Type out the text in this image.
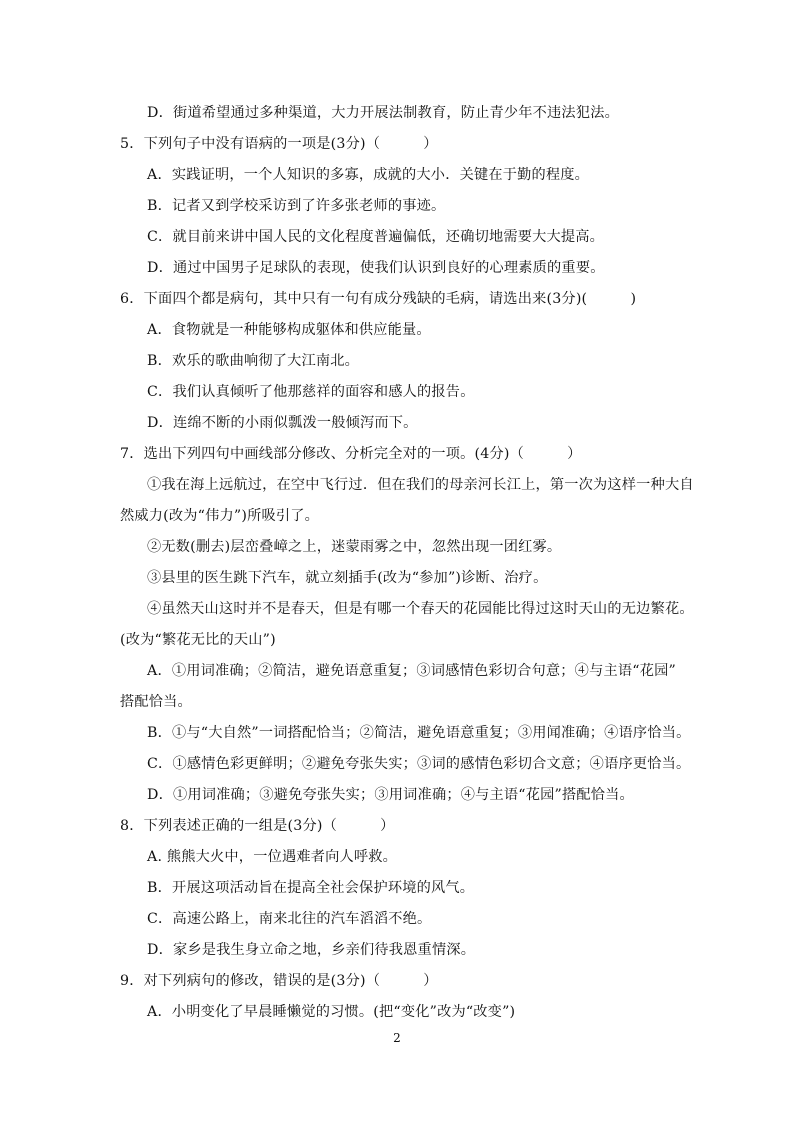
D．街道希望通过多种渠道，大力开展法制教育，防止青少年不违法犯法。
5．下列句子中没有语病的一项是(3分)（　　　）
A．实践证明，一个人知识的多寡，成就的大小．关键在于勤的程度。
B．记者又到学校采访到了许多张老师的事迹。
C．就目前来讲中国人民的文化程度普遍偏低，还确切地需要大大提高。
D．通过中国男子足球队的表现，使我们认识到良好的心理素质的重要。
6．下面四个都是病句，其中只有一句有成分残缺的毛病，请选出来(3分)(　　　)
A．食物就是一种能够构成躯体和供应能量。
B．欢乐的歌曲响彻了大江南北。
C．我们认真倾听了他那慈祥的面容和感人的报告。
D．连绵不断的小雨似瓢泼一般倾泻而下。
7．选出下列四句中画线部分修改、分析完全对的一项。(4分)（　　　）
①我在海上远航过，在空中飞行过．但在我们的母亲河长江上，第一次为这样一种大自
然威力(改为“伟力”)所吸引了。
②无数(删去)层峦叠嶂之上，迷蒙雨雾之中，忽然出现一团红雾。
③县里的医生跳下汽车，就立刻插手(改为“参加”)诊断、治疗。
④虽然天山这时并不是春天，但是有哪一个春天的花园能比得过这时天山的无边繁花。
(改为“繁花无比的天山”)
A．①用词准确；②简洁，避免语意重复；③词感情色彩切合句意；④与主语“花园”
搭配恰当。
B．①与“大自然”一词搭配恰当；②简洁，避免语意重复；③用闻准确；④语序恰当。
C．①感情色彩更鲜明；②避免夸张失实；③词的感情色彩切合文意；④语序更恰当。
D．①用词准确；③避免夸张失实；③用词准确；④与主语“花园”搭配恰当。
8．下列表述正确的一组是(3分)（　　　）
A. 熊熊大火中，一位遇难者向人呼救。
B．开展这项活动旨在提高全社会保护环境的风气。
C．高速公路上，南来北往的汽车滔滔不绝。
D．家乡是我生身立命之地，乡亲们待我恩重情深。
9．对下列病句的修改，错误的是(3分)（　　　）
A．小明变化了早晨睡懒觉的习惯。(把“变化”改为“改变”)
2
